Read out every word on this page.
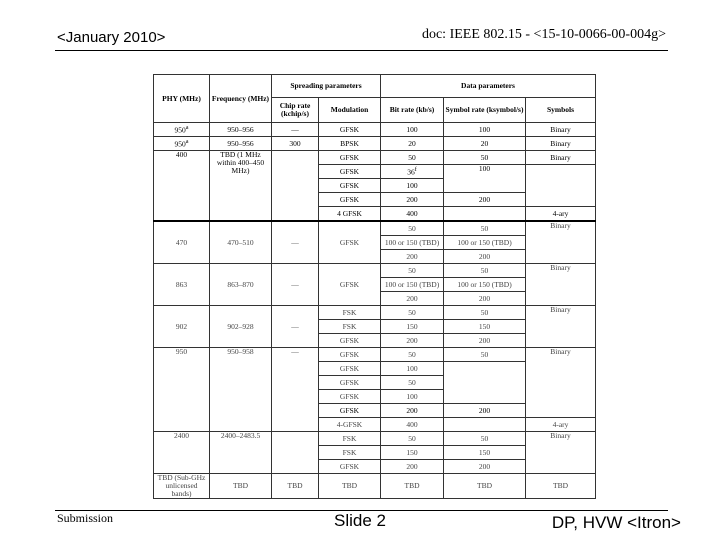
<January 2010>	doc: IEEE 802.15 - <15-10-0066-00-004g>
PHY (MHz)	Frequency (MHz)	Spreading parameters		Data parameters		
		Chip rate (kchip/s)	Modulation	Bit rate (kb/s)	Symbol rate (ksymbol/s)	Symbols
950$^a$	950–956	—	GFSK	100	100	Binary
950$^a$	950–956	300	BPSK	20	20	Binary
400	TBD (1 MHz within 400–450 MHz)		GFSK	50	50	Binary
			GFSK	36$^f$	100	
			GFSK	100		
			GFSK	200	200	
			4 GFSK	400		4-ary
470	470–510	—	GFSK	50	50	Binary
				100 or 150 (TBD)	100 or 150 (TBD)	
				200	200	
863	863–870	—	GFSK	50	50	Binary
				100 or 150 (TBD)	100 or 150 (TBD)	
				200	200	
902	902–928	—	FSK	50	50	Binary
			FSK	150	150	
			GFSK	200	200	
950	950–958	—	GFSK	50	50	Binary
			GFSK	100		
			GFSK	50		
			GFSK	100		
			GFSK	200	200	
			4-GFSK	400		4-ary
2400	2400–2483.5		FSK	50	50	Binary
			FSK	150	150	
			GFSK	200	200	
TBD (Sub-GHz unlicensed bands)	TBD	TBD	TBD	TBD	TBD	TBD
Submission	Slide 2	DP, HVW <Itron>
